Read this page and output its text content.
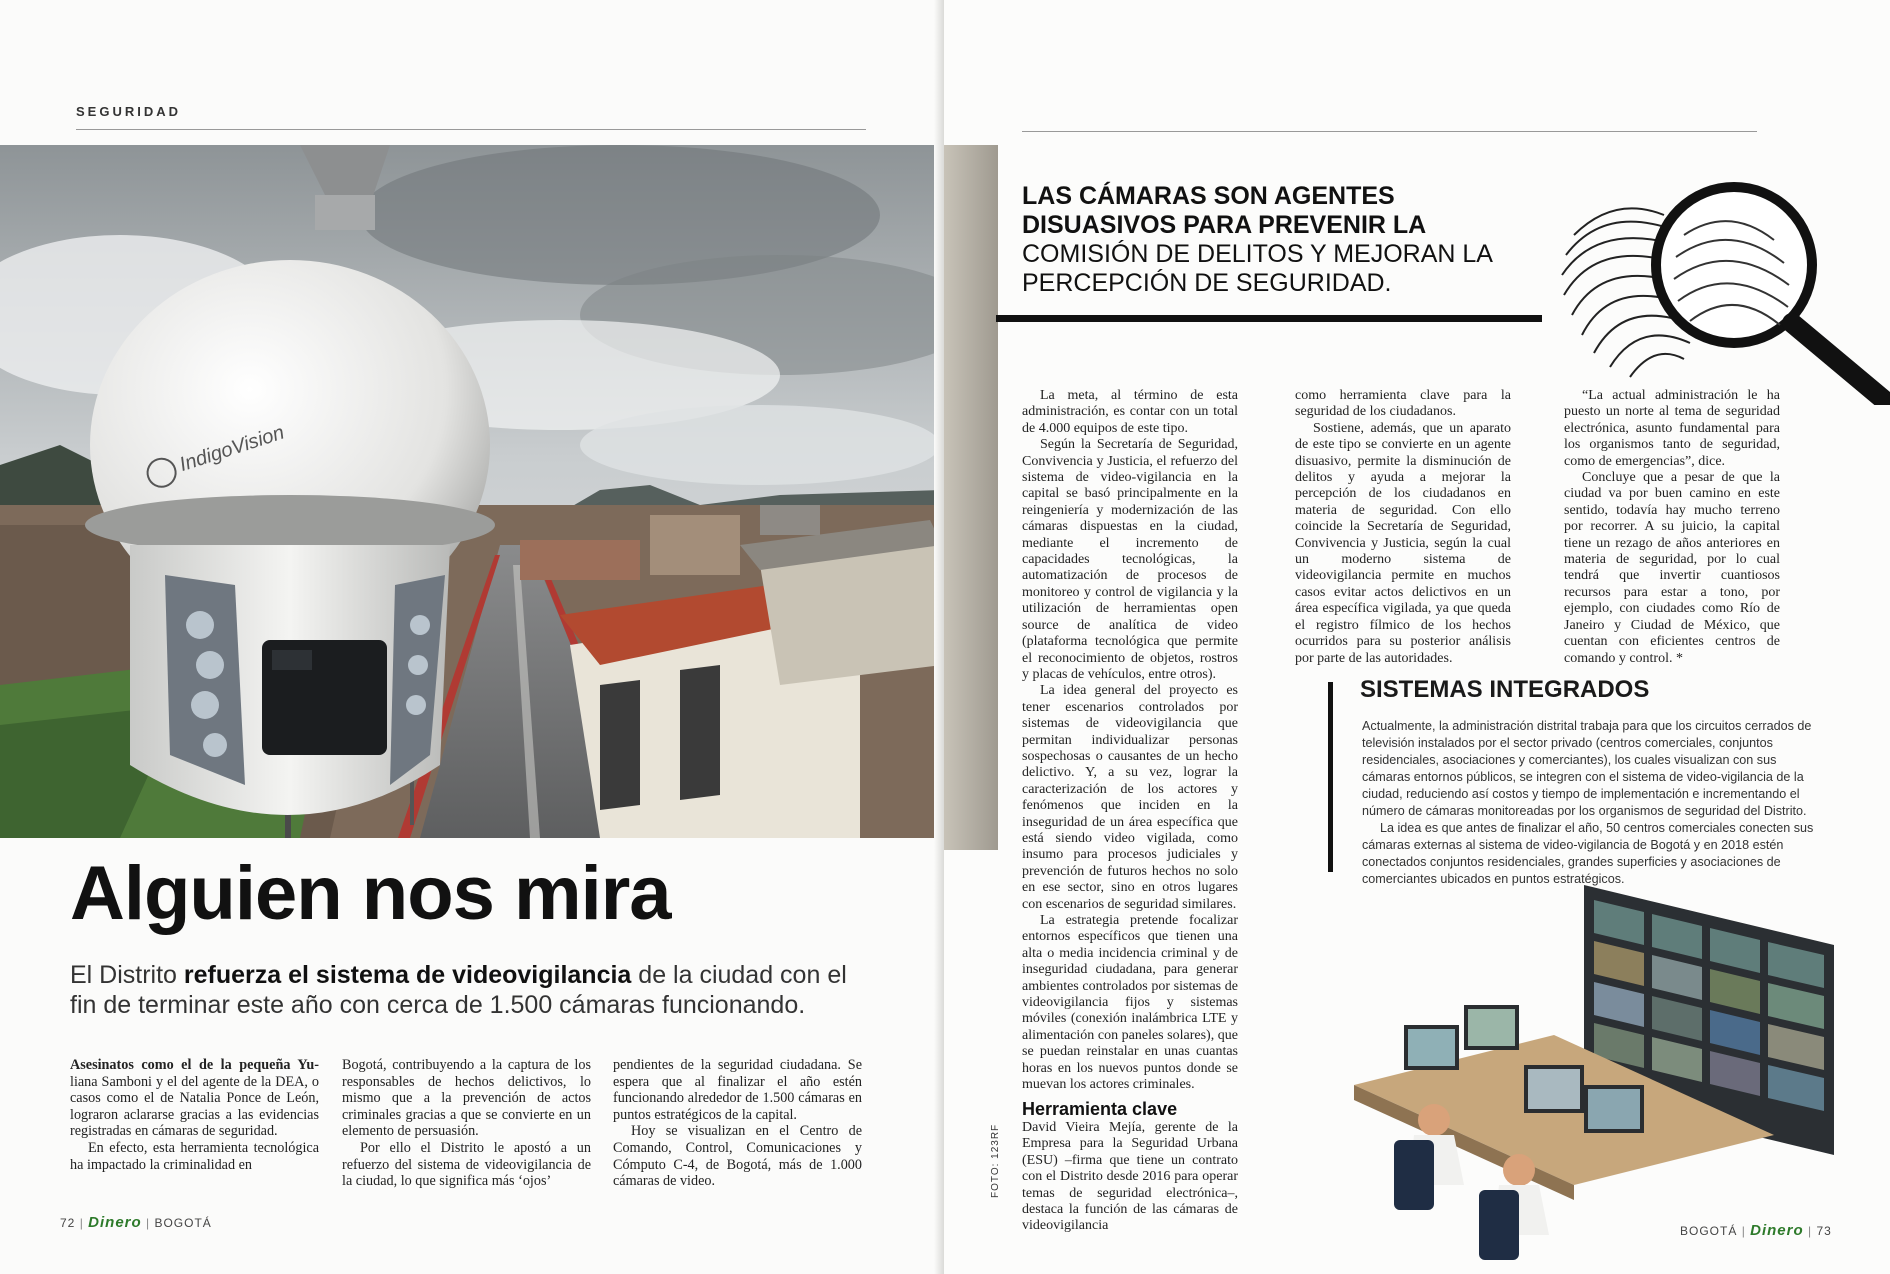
SEGURIDAD
IndigoVision
Alguien nos mira
El Distrito refuerza el sistema de videovigilancia de la ciudad con el fin de terminar este año con cerca de 1.500 cámaras funcionando.

Asesinatos como el de la pequeña Yu- liana Samboni y el del agente de la DEA, o casos como el de Natalia Ponce de León, lograron aclararse gracias a las evidencias registradas en cámaras de seguridad.

En efecto, esta herramienta tecnológica ha impactado la criminalidad en

Bogotá, contribuyendo a la captura de los responsables de hechos delictivos, lo mismo que a la prevención de actos criminales gracias a que se convierte en un elemento de persuasión.

Por ello el Distrito le apostó a un refuerzo del sistema de videovigilancia de la ciudad, lo que significa más ‘ojos’

pendientes de la seguridad ciudadana. Se espera que al finalizar el año estén funcionando alrededor de 1.500 cámaras en puntos estratégicos de la capital.

Hoy se visualizan en el Centro de Comando, Control, Comunicaciones y Cómputo C-4, de Bogotá, más de 1.000 cámaras de video.

72 | Dinero | BOGOTÁ
LAS CÁMARAS SON AGENTES DISUASIVOS PARA PREVENIR LA COMISIÓN DE DELITOS Y MEJORAN LA PERCEPCIÓN DE SEGURIDAD.
FOTO: 123RF

La meta, al término de esta administración, es contar con un total de 4.000 equipos de este tipo.

Según la Secretaría de Seguridad, Convivencia y Justicia, el refuerzo del sistema de video-vigilancia en la capital se basó principalmente en la reingeniería y modernización de las cámaras dispuestas en la ciudad, mediante el incremento de capacidades tecnológicas, la automatización de procesos de monitoreo y control de vigilancia y la utilización de herramientas open source de analítica de video (plataforma tecnológica que permite el reconocimiento de objetos, rostros y placas de vehículos, entre otros).

La idea general del proyecto es tener escenarios controlados por sistemas de videovigilancia que permitan individualizar personas sospechosas o causantes de un hecho delictivo. Y, a su vez, lograr la caracterización de los actores y fenómenos que inciden en la inseguridad de un área específica que está siendo video vigilada, como insumo para procesos judiciales y prevención de futuros hechos no solo en ese sector, sino en otros lugares con escenarios de seguridad similares.

La estrategia pretende focalizar entornos específicos que tienen una alta o media incidencia criminal y de inseguridad ciudadana, para generar ambientes controlados por sistemas de videovigilancia fijos y sistemas móviles (conexión inalámbrica LTE y alimentación con paneles solares), que se puedan reinstalar en unas cuantas horas en los nuevos puntos donde se muevan los actores criminales.

Herramienta clave

David Vieira Mejía, gerente de la Empresa para la Seguridad Urbana (ESU) –firma que tiene un contrato con el Distrito desde 2016 para operar temas de seguridad electrónica–, destaca la función de las cámaras de videovigilancia

como herramienta clave para la seguridad de los ciudadanos.

Sostiene, además, que un aparato de este tipo se convierte en un agente disuasivo, permite la disminución de delitos y ayuda a mejorar la percepción de los ciudadanos en materia de seguridad. Con ello coincide la Secretaría de Seguridad, Convivencia y Justicia, según la cual un moderno sistema de videovigilancia permite en muchos casos evitar actos delictivos en un área específica vigilada, ya que queda el registro fílmico de los hechos ocurridos para su posterior análisis por parte de las autoridades.

“La actual administración le ha puesto un norte al tema de seguridad electrónica, asunto fundamental para los organismos tanto de seguridad, como de emergencias”, dice.

Concluye que a pesar de que la ciudad va por buen camino en este sentido, todavía hay mucho terreno por recorrer. A su juicio, la capital tiene un rezago de años anteriores en materia de seguridad, por lo cual tendrá que invertir cuantiosos recursos para estar a tono, por ejemplo, con ciudades como Río de Janeiro y Ciudad de México, que cuentan con eficientes centros de comando y control. *

SISTEMAS INTEGRADOS

Actualmente, la administración distrital trabaja para que los circuitos cerrados de televisión instalados por el sector privado (centros comerciales, conjuntos residenciales, asociaciones y comerciantes), los cuales visualizan con sus cámaras entornos públicos, se integren con el sistema de video-vigilancia de la ciudad, reduciendo así costos y tiempo de implementación e incrementando el número de cámaras monitoreadas por los organismos de seguridad del Distrito.

La idea es que antes de finalizar el año, 50 centros comerciales conecten sus cámaras externas al sistema de video-vigilancia de Bogotá y en 2018 estén conectados conjuntos residenciales, grandes superficies y asociaciones de comerciantes ubicados en puntos estratégicos.

BOGOTÁ | Dinero | 73
